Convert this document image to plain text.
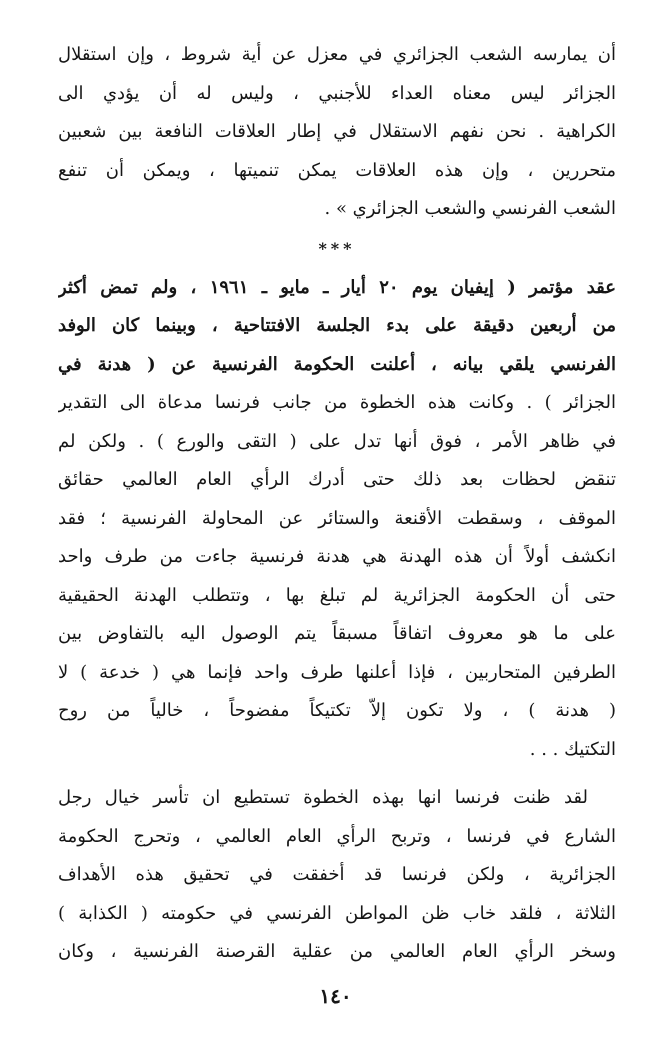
أن يمارسه الشعب الجزائري في معزل عن أية شروط ، وإن استقلال
الجزائر ليس معناه العداء للأجنبي ، وليس له أن يؤدي الى
الكراهية . نحن نفهم الاستقلال في إطار العلاقات النافعة بين شعبين
متحررين ، وإن هذه العلاقات يمكن تنميتها ، ويمكن أن تنفع
الشعب الفرنسي والشعب الجزائري » .
***
عقد مؤتمر ( إيفيان يوم ٢٠ أيار ـ مايو ـ ١٩٦١ ، ولم تمض أكثر
من أربعين دقيقة على بدء الجلسة الافتتاحية ، وبينما كان الوفد
الفرنسي يلقي بيانه ، أعلنت الحكومة الفرنسية عن ( هدنة في
الجزائر ) . وكانت هذه الخطوة من جانب فرنسا مدعاة الى التقدير
في ظاهر الأمر ، فوق أنها تدل على ( التقى والورع ) . ولكن لم
تنقض لحظات بعد ذلك حتى أدرك الرأي العام العالمي حقائق
الموقف ، وسقطت الأقنعة والستائر عن المحاولة الفرنسية ؛ فقد
انكشف أولاً أن هذه الهدنة هي هدنة فرنسية جاءت من طرف واحد
حتى أن الحكومة الجزائرية لم تبلغ بها ، وتتطلب الهدنة الحقيقية
على ما هو معروف اتفاقاً مسبقاً يتم الوصول اليه بالتفاوض بين
الطرفين المتحاربين ، فإذا أعلنها طرف واحد فإنما هي ( خدعة ) لا
( هدنة ) ، ولا تكون إلاّ تكتيكاً مفضوحاً ، خالياً من روح
التكتيك . . .
لقد ظنت فرنسا انها بهذه الخطوة تستطيع ان تأسر خيال رجل
الشارع في فرنسا ، وتربح الرأي العام العالمي ، وتحرج الحكومة
الجزائرية ، ولكن فرنسا قد أخفقت في تحقيق هذه الأهداف
الثلاثة ، فلقد خاب ظن المواطن الفرنسي في حكومته ( الكذابة )
وسخر الرأي العام العالمي من عقلية القرصنة الفرنسية ، وكان
١٤٠
